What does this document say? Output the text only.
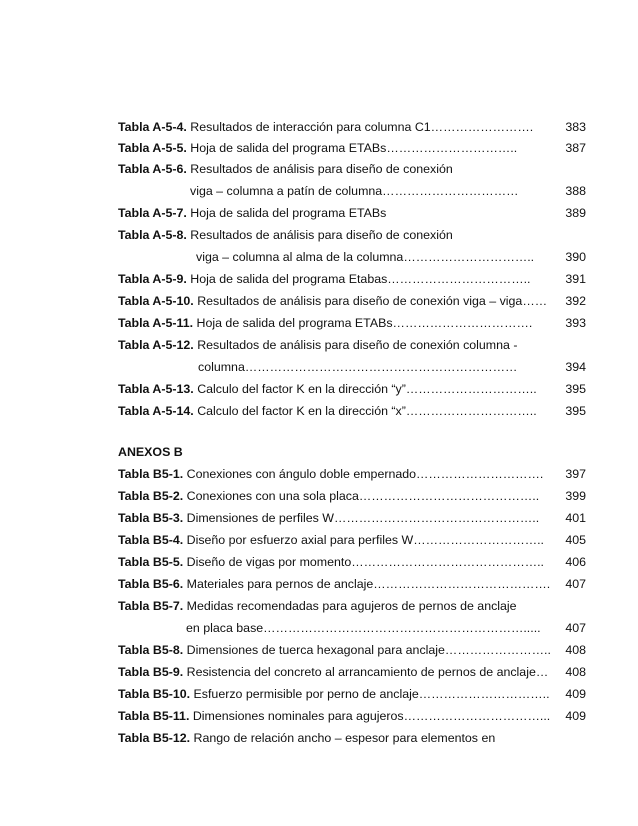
Tabla A-5-4. Resultados de interacción para columna C1…………………….	383
Tabla A-5-5. Hoja de salida del programa ETABs…………………………..	387
Tabla A-5-6. Resultados de análisis para diseño de conexión
viga – columna a patín de columna……………………………	388
Tabla A-5-7. Hoja de salida del programa ETABs	389
Tabla A-5-8. Resultados de análisis para diseño de conexión
viga – columna al alma de la columna…………………………..	390
Tabla A-5-9. Hoja de salida del programa Etabas……………………………..	391
Tabla A-5-10. Resultados de análisis para diseño de conexión viga – viga……	392
Tabla A-5-11. Hoja de salida del programa ETABs…………………………….	393
Tabla A-5-12. Resultados de análisis para diseño de conexión columna -
columna…………………………………………………………	394
Tabla A-5-13. Calculo del factor K en la dirección “y”…………………………..	395
Tabla A-5-14. Calculo del factor K en la dirección “x”…………………………..	395
ANEXOS B
Tabla B5-1. Conexiones con ángulo doble empernado………………………….	397
Tabla B5-2. Conexiones con una sola placa……………………………………..	399
Tabla B5-3. Dimensiones de perfiles W…………………………………………..	401
Tabla B5-4. Diseño por esfuerzo axial para perfiles W…………………………..	405
Tabla B5-5. Diseño de vigas por momento………………………………………..	406
Tabla B5-6. Materiales para pernos de anclaje…………………………………….	407
Tabla B5-7. Medidas recomendadas para agujeros de pernos de anclaje
en placa base………………………………………………………..... 407
Tabla B5-8. Dimensiones de tuerca hexagonal para anclaje……………………..	408
Tabla B5-9. Resistencia del concreto al arrancamiento de pernos de anclaje…	408
Tabla B5-10. Esfuerzo permisible por perno de anclaje…………………………..	409
Tabla B5-11. Dimensiones nominales para agujeros……………………………...	409
Tabla B5-12. Rango de relación ancho – espesor para elementos en
